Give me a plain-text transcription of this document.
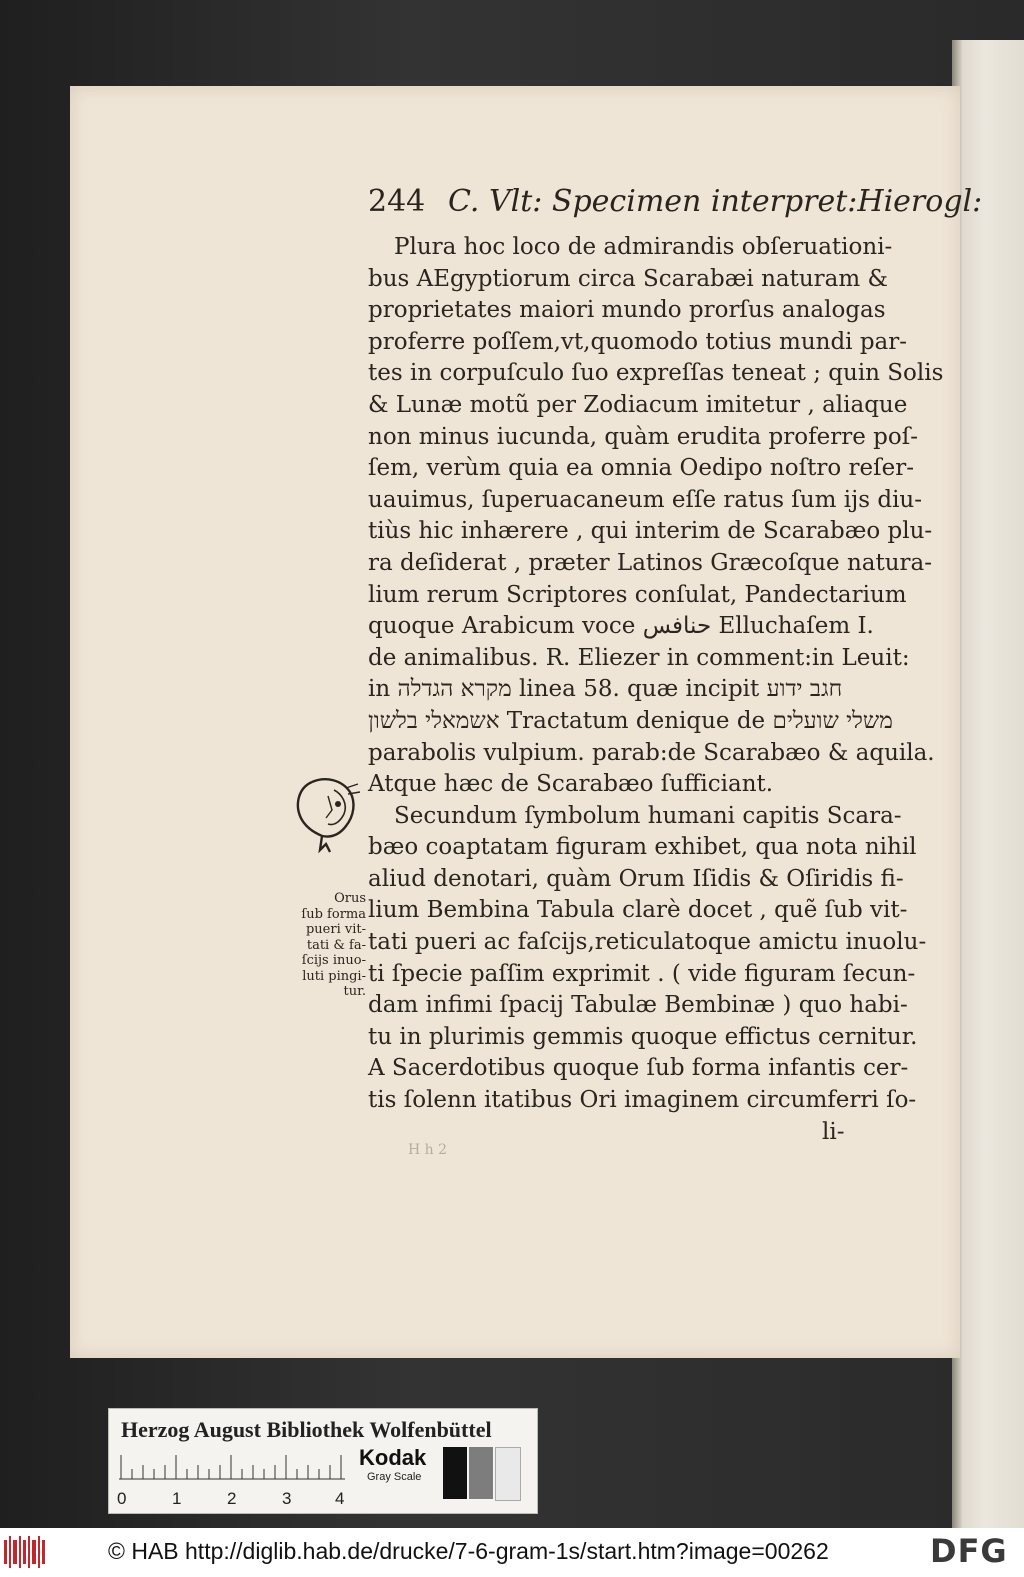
244 C. Vlt: Specimen interpret:Hierogl:
Plura hoc loco de admirandis obſeruationi-
bus AEgyptiorum circa Scarabæi naturam &
proprietates maiori mundo prorſus analogas
proferre poſſem,vt,quomodo totius mundi par-
tes in corpuſculo ſuo expreſſas teneat ; quin Solis
& Lunæ motũ per Zodiacum imitetur , aliaque
non minus iucunda, quàm erudita proferre poſ-
ſem, verùm quia ea omnia Oedipo noſtro reſer-
uauimus, ſuperuacaneum eſſe ratus ſum ijs diu-
tiùs hic inhærere , qui interim de Scarabæo plu-
ra deſiderat , præter Latinos Græcoſque natura-
lium rerum Scriptores conſulat, Pandectarium
quoque Arabicum voce حنافس Elluchaſem I.
de animalibus. R. Eliezer in comment:in Leuit:
in מקרא הגדלה linea 58. quæ incipit חגב ידוע
אשמאלי בלשון Tractatum denique de משלי שועלים
parabolis vulpium. parab:de Scarabæo & aquila.
Atque hæc de Scarabæo ſufficiant.
Secundum ſymbolum humani capitis Scara-
bæo coaptatam figuram exhibet, qua nota nihil
aliud denotari, quàm Orum Iſidis & Oſiridis fi-
lium Bembina Tabula clarè docet , quẽ ſub vit-
tati pueri ac faſcijs,reticulatoque amictu inuolu-
ti ſpecie paſſim exprimit . ( vide figuram ſecun-
dam infimi ſpacij Tabulæ Bembinæ ) quo habi-
tu in plurimis gemmis quoque effictus cernitur.
A Sacerdotibus quoque ſub forma infantis cer-
tis ſolenn itatibus Ori imaginem circumferri ſo-
li-
Orus
ſub forma
pueri vit-
tati & fa-
ſcijs inuo-
luti pingi-
tur.
H h 2
Herzog August Bibliothek Wolfenbüttel
0	1	2	3	4
Kodak
Gray Scale
© HAB http://diglib.hab.de/drucke/7-6-gram-1s/start.htm?image=00262	DFG
